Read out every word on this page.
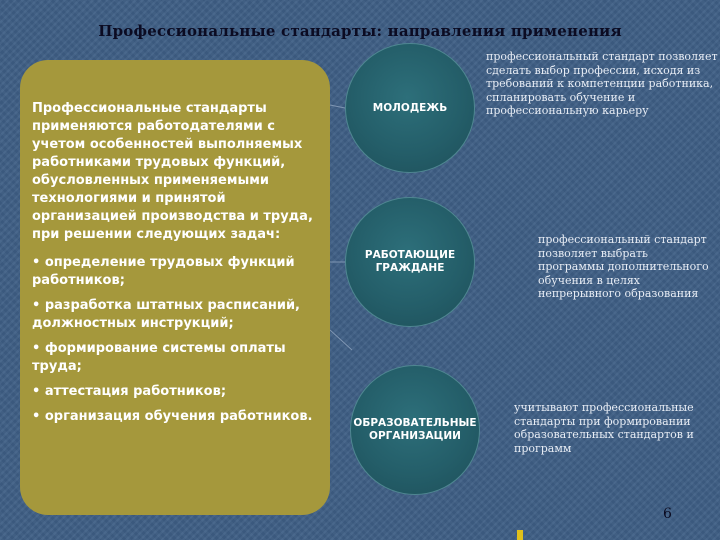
Профессиональные стандарты: направления применения

Профессиональные стандарты применяются работодателями с учетом особенностей выполняемых работниками трудовых функций, обусловленных применяемыми технологиями и принятой организацией производства и труда, при решении следующих задач:

• определение трудовых функций работников;
• разработка штатных расписаний, должностных инструкций;
• формирование системы оплаты труда;
• аттестация работников;
• организация обучения работников.
МОЛОДЕЖЬ
РАБОТАЮЩИЕ ГРАЖДАНЕ
ОБРАЗОВАТЕЛЬНЫЕ ОРГАНИЗАЦИИ
профессиональный стандарт позволяет сделать выбор профессии, исходя из требований к компетенции работника, спланировать обучение и профессиональную карьеру
профессиональный стандарт позволяет выбрать программы дополнительного обучения в целях непрерывного образования
учитывают профессиональные стандарты при формировании образовательных стандартов и программ
6
